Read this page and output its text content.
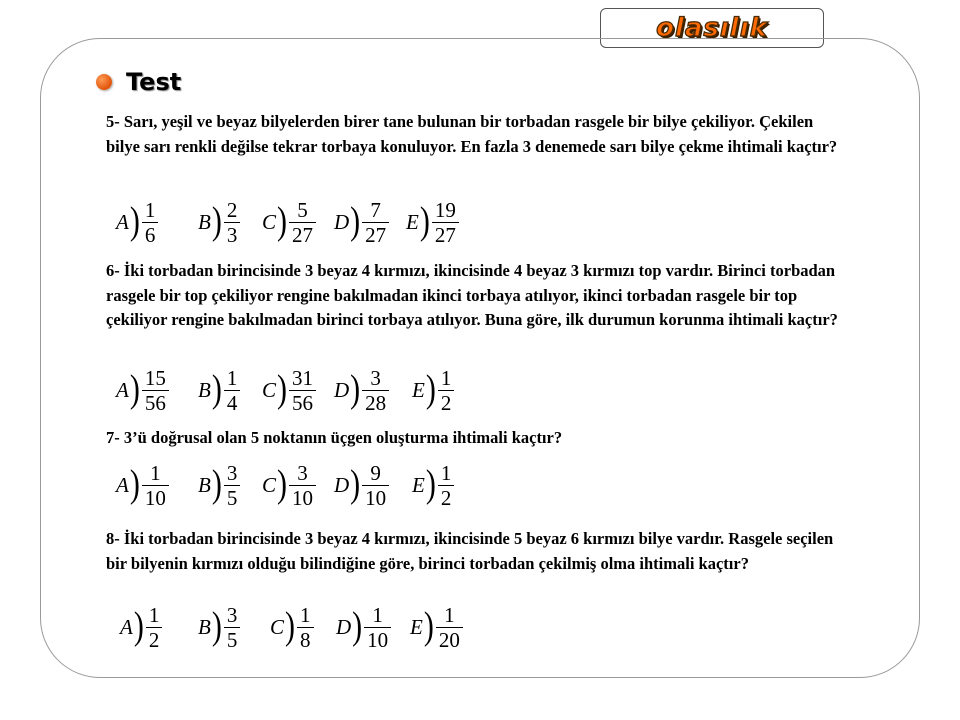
olasılık
Test
5- Sarı, yeşil ve beyaz bilyelerden birer tane bulunan bir torbadan rasgele bir bilye çekiliyor. Çekilen bilye sarı renkli değilse tekrar torbaya konuluyor. En fazla 3 denemede sarı bilye çekme ihtimali kaçtır?
A ) $\frac{1}{6}$ B ) $\frac{2}{3}$ C ) $\frac{5}{27}$ D ) $\frac{7}{27}$ E ) $\frac{19}{27}$
6- İki torbadan birincisinde 3 beyaz 4 kırmızı, ikincisinde 4 beyaz 3 kırmızı top vardır. Birinci torbadan rasgele bir top çekiliyor rengine bakılmadan ikinci torbaya atılıyor, ikinci torbadan rasgele bir top çekiliyor rengine bakılmadan birinci torbaya atılıyor. Buna göre, ilk durumun korunma ihtimali kaçtır?
A ) $\frac{15}{56}$ B ) $\frac{1}{4}$ C ) $\frac{31}{56}$ D ) $\frac{3}{28}$ E ) $\frac{1}{2}$
7- 3’ü doğrusal olan 5 noktanın üçgen oluşturma ihtimali kaçtır?
A ) $\frac{1}{10}$ B ) $\frac{3}{5}$ C ) $\frac{3}{10}$ D ) $\frac{9}{10}$ E ) $\frac{1}{2}$
8- İki torbadan birincisinde 3 beyaz 4 kırmızı, ikincisinde 5 beyaz 6 kırmızı bilye vardır. Rasgele seçilen bir bilyenin kırmızı olduğu bilindiğine göre, birinci torbadan çekilmiş olma ihtimali kaçtır?
A ) $\frac{1}{2}$ B ) $\frac{3}{5}$ C ) $\frac{1}{8}$ D ) $\frac{1}{10}$ E ) $\frac{1}{20}$
